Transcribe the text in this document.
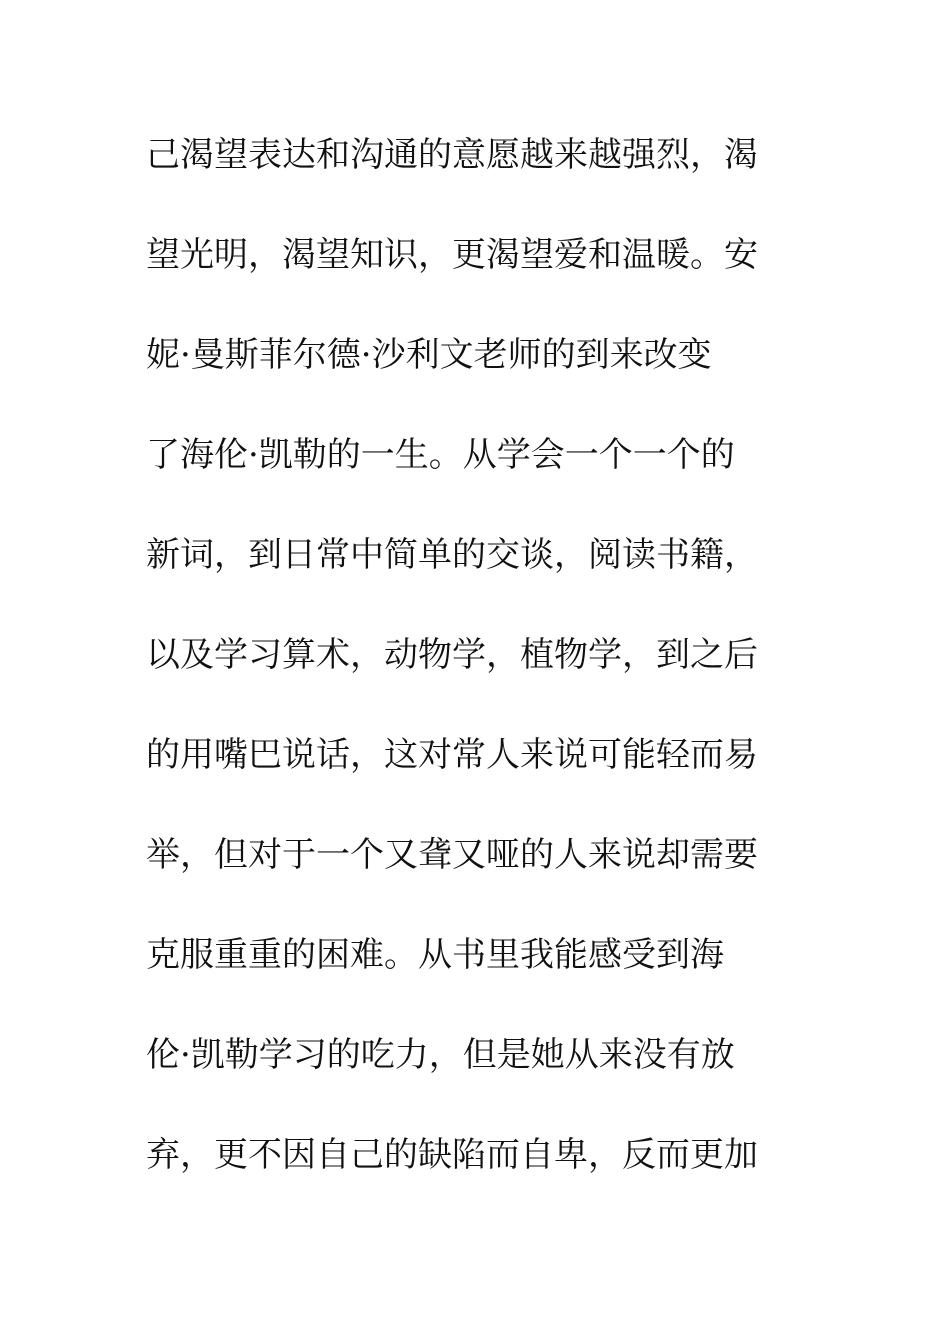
己渴望表达和沟通的意愿越来越强烈，渴
望光明，渴望知识，更渴望爱和温暖。安
妮·曼斯菲尔德·沙利文老师的到来改变
了海伦·凯勒的一生。从学会一个一个的
新词，到日常中简单的交谈，阅读书籍，
以及学习算术，动物学，植物学，到之后
的用嘴巴说话，这对常人来说可能轻而易
举，但对于一个又聋又哑的人来说却需要
克服重重的困难。从书里我能感受到海
伦·凯勒学习的吃力，但是她从来没有放
弃，更不因自己的缺陷而自卑，反而更加
